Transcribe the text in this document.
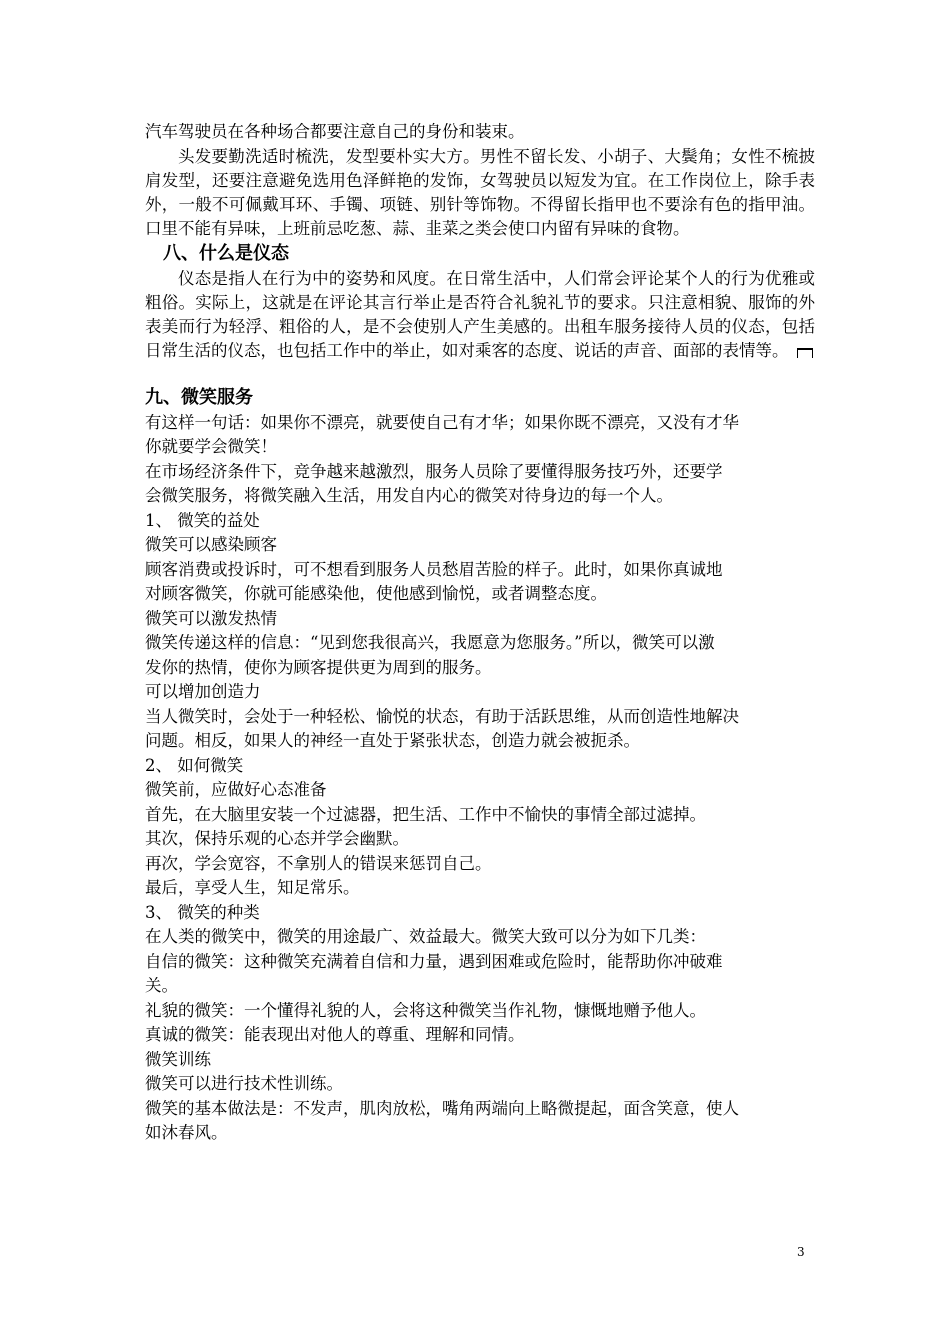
汽车驾驶员在各种场合都要注意自己的身份和装束。

头发要勤洗适时梳洗，发型要朴实大方。男性不留长发、小胡子、大鬓角；女性不梳披肩发型，还要注意避免选用色泽鲜艳的发饰，女驾驶员以短发为宜。在工作岗位上，除手表外，一般不可佩戴耳环、手镯、项链、别针等饰物。不得留长指甲也不要涂有色的指甲油。口里不能有异味，上班前忌吃葱、蒜、韭菜之类会使口内留有异味的食物。

八、什么是仪态

仪态是指人在行为中的姿势和风度。在日常生活中，人们常会评论某个人的行为优雅或粗俗。实际上，这就是在评论其言行举止是否符合礼貌礼节的要求。只注意相貌、服饰的外表美而行为轻浮、粗俗的人，是不会使别人产生美感的。出租车服务接待人员的仪态，包括日常生活的仪态，也包括工作中的举止，如对乘客的态度、说话的声音、面部的表情等。

九、微笑服务

有这样一句话：如果你不漂亮，就要使自己有才华；如果你既不漂亮，又没有才华

你就要学会微笑！

在市场经济条件下，竞争越来越激烈，服务人员除了要懂得服务技巧外，还要学

会微笑服务，将微笑融入生活，用发自内心的微笑对待身边的每一个人。

1、 微笑的益处

微笑可以感染顾客

顾客消费或投诉时，可不想看到服务人员愁眉苦脸的样子。此时，如果你真诚地

对顾客微笑，你就可能感染他，使他感到愉悦，或者调整态度。

微笑可以激发热情

微笑传递这样的信息：“见到您我很高兴，我愿意为您服务。”所以，微笑可以激

发你的热情，使你为顾客提供更为周到的服务。

可以增加创造力

当人微笑时，会处于一种轻松、愉悦的状态，有助于活跃思维，从而创造性地解决

问题。相反，如果人的神经一直处于紧张状态，创造力就会被扼杀。

2、 如何微笑

微笑前，应做好心态准备

首先，在大脑里安装一个过滤器，把生活、工作中不愉快的事情全部过滤掉。

其次，保持乐观的心态并学会幽默。

再次，学会宽容，不拿别人的错误来惩罚自己。

最后，享受人生，知足常乐。

3、 微笑的种类

在人类的微笑中，微笑的用途最广、效益最大。微笑大致可以分为如下几类：

自信的微笑：这种微笑充满着自信和力量，遇到困难或危险时，能帮助你冲破难

关。

礼貌的微笑：一个懂得礼貌的人，会将这种微笑当作礼物，慷慨地赠予他人。

真诚的微笑：能表现出对他人的尊重、理解和同情。

微笑训练

微笑可以进行技术性训练。

微笑的基本做法是：不发声，肌肉放松，嘴角两端向上略微提起，面含笑意，使人

如沐春风。

3
